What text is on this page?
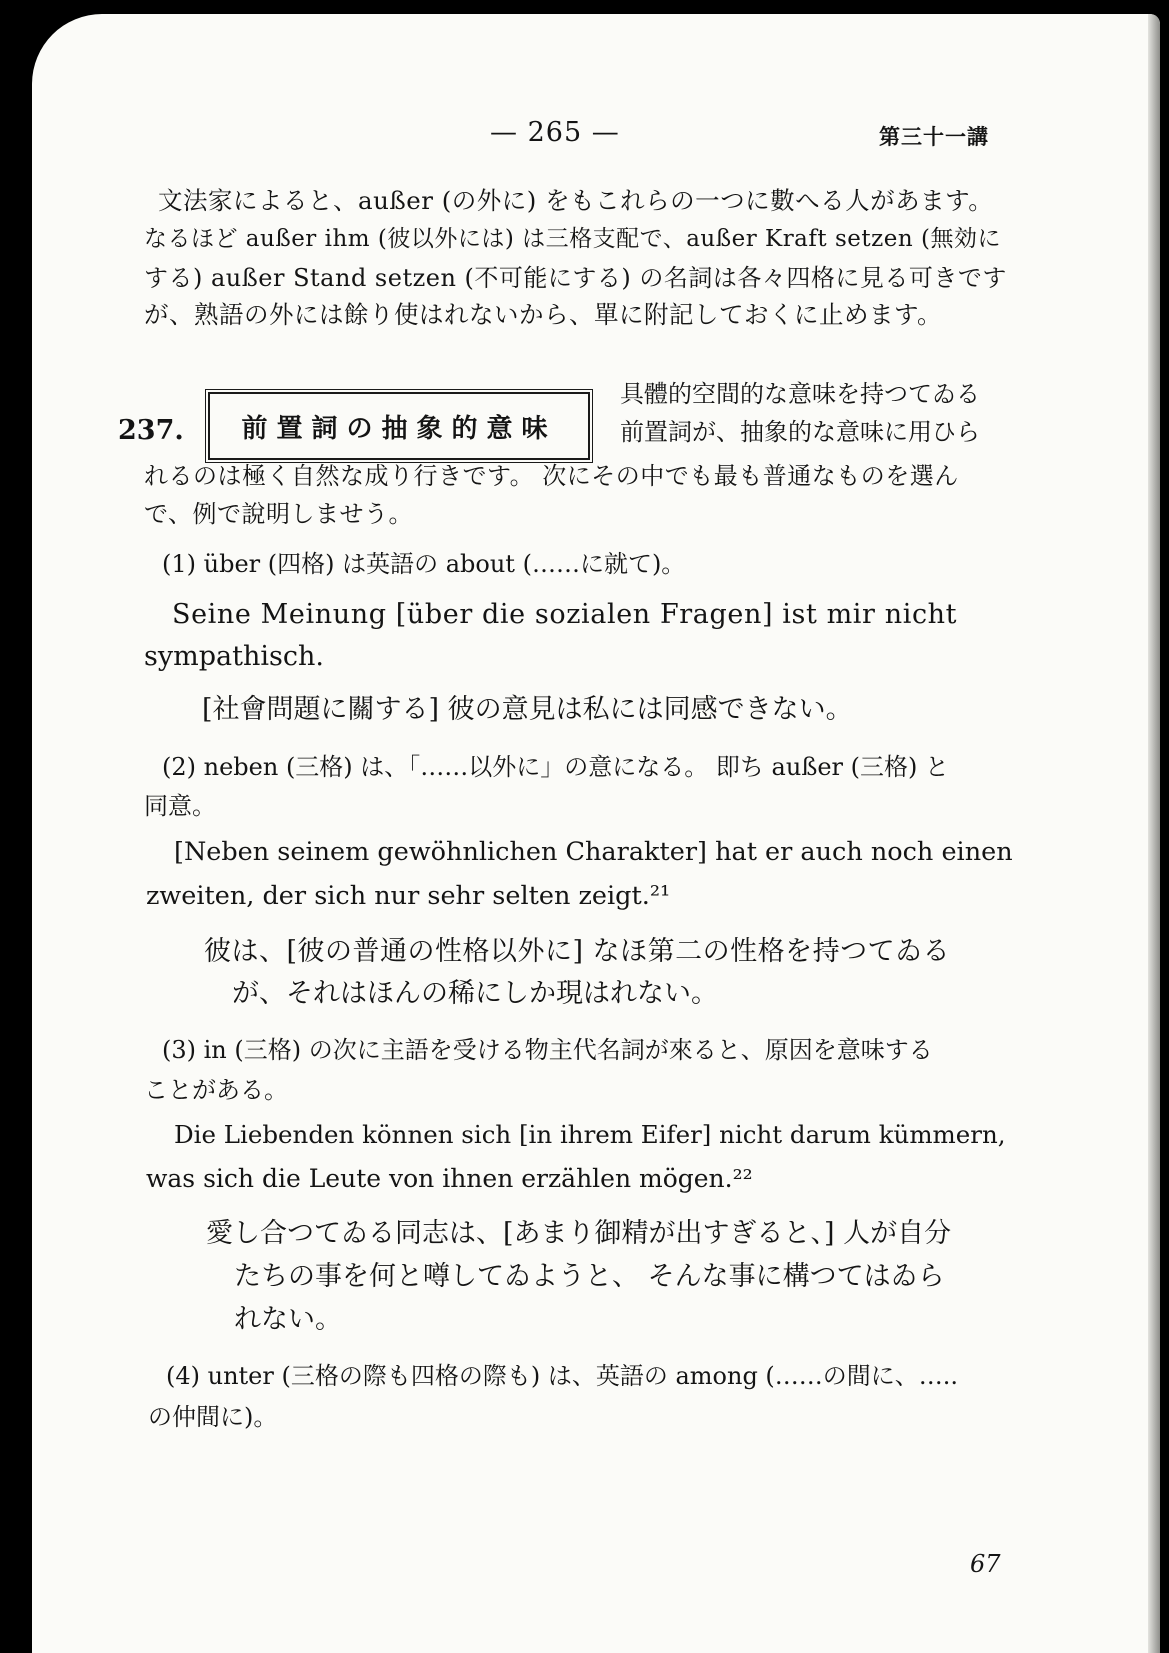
— 265 —	第三十一講
文法家によると、außer (の外に) をもこれらの一つに數へる人があます。
なるほど außer ihm (彼以外には) は三格支配で、außer Kraft setzen (無効に
する) außer Stand setzen (不可能にする) の名詞は各々四格に見る可きです
が、熟語の外には餘り使はれないから、單に附記しておくに止めます。
237. 前置詞の抽象的意味
具體的空間的な意味を持つてゐる
前置詞が、抽象的な意味に用ひら
れるのは極く自然な成り行きです。 次にその中でも最も普通なものを選ん
で、例で說明しませう。
(1) über (四格) は英語の about (……に就て)。
Seine Meinung [über die sozialen Fragen] ist mir nicht
sympathisch.
[社會問題に關する] 彼の意見は私には同感できない。
(2) neben (三格) は、「……以外に」の意になる。 即ち außer (三格) と
同意。
[Neben seinem gewöhnlichen Charakter] hat er auch noch einen
zweiten, der sich nur sehr selten zeigt.²¹
彼は、[彼の普通の性格以外に] なほ第二の性格を持つてゐる
が、それはほんの稀にしか現はれない。
(3) in (三格) の次に主語を受ける物主代名詞が來ると、原因を意味する
ことがある。
Die Liebenden können sich [in ihrem Eifer] nicht darum kümmern,
was sich die Leute von ihnen erzählen mögen.²²
愛し合つてゐる同志は、[あまり御精が出すぎると、] 人が自分
たちの事を何と噂してゐようと、 そんな事に構つてはゐら
れない。
(4) unter (三格の際も四格の際も) は、英語の among (……の間に、…..
の仲間に)。
67
